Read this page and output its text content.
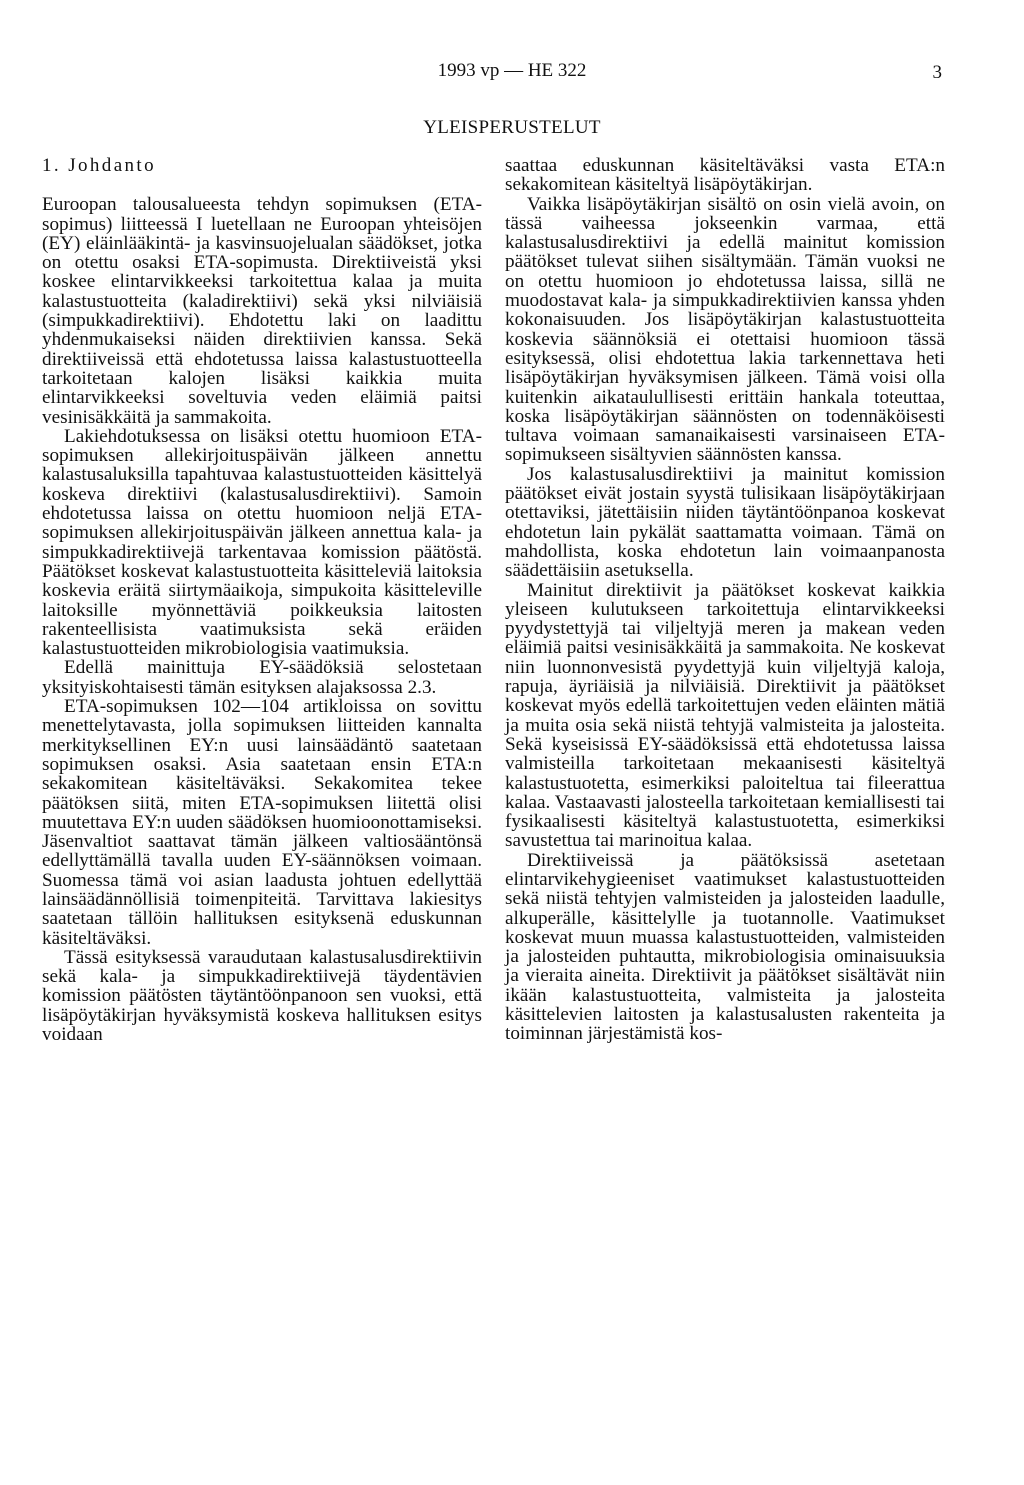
1993 vp — HE 322	3
YLEISPERUSTELUT
1. Johdanto

Euroopan talousalueesta tehdyn sopimuksen (ETA-sopimus) liitteessä I luetellaan ne Euroopan yhteisöjen (EY) eläinlääkintä- ja kasvinsuojelualan säädökset, jotka on otettu osaksi ETA-sopimusta. Direktiiveistä yksi koskee elintarvikkeeksi tarkoitettua kalaa ja muita kalastustuotteita (kaladirektiivi) sekä yksi nilviäisiä (simpukkadirektiivi). Ehdotettu laki on laadittu yhdenmukaiseksi näiden direktiivien kanssa. Sekä direktiiveissä että ehdotetussa laissa kalastustuotteella tarkoitetaan kalojen lisäksi kaikkia muita elintarvikkeeksi soveltuvia veden eläimiä paitsi vesinisäkkäitä ja sammakoita.

Lakiehdotuksessa on lisäksi otettu huomioon ETA-sopimuksen allekirjoituspäivän jälkeen annettu kalastusaluksilla tapahtuvaa kalastustuotteiden käsittelyä koskeva direktiivi (kalastusalusdirektiivi). Samoin ehdotetussa laissa on otettu huomioon neljä ETA-sopimuksen allekirjoituspäivän jälkeen annettua kala- ja simpukkadirektiivejä tarkentavaa komission päätöstä. Päätökset koskevat kalastustuotteita käsitteleviä laitoksia koskevia eräitä siirtymäaikoja, simpukoita käsitteleville laitoksille myönnettäviä poikkeuksia laitosten rakenteellisista vaatimuksista sekä eräiden kalastustuotteiden mikrobiologisia vaatimuksia.

Edellä mainittuja EY-säädöksiä selostetaan yksityiskohtaisesti tämän esityksen alajaksossa 2.3.

ETA-sopimuksen 102—104 artikloissa on sovittu menettelytavasta, jolla sopimuksen liitteiden kannalta merkityksellinen EY:n uusi lainsäädäntö saatetaan sopimuksen osaksi. Asia saatetaan ensin ETA:n sekakomitean käsiteltäväksi. Sekakomitea tekee päätöksen siitä, miten ETA-sopimuksen liitettä olisi muutettava EY:n uuden säädöksen huomioonottamiseksi. Jäsenvaltiot saattavat tämän jälkeen valtiosääntönsä edellyttämällä tavalla uuden EY-säännöksen voimaan. Suomessa tämä voi asian laadusta johtuen edellyttää lainsäädännöllisiä toimenpiteitä. Tarvittava lakiesitys saatetaan tällöin hallituksen esityksenä eduskunnan käsiteltäväksi.

Tässä esityksessä varaudutaan kalastusalusdirektiivin sekä kala- ja simpukkadirektiivejä täydentävien komission päätösten täytäntöönpanoon sen vuoksi, että lisäpöytäkirjan hyväksymistä koskeva hallituksen esitys voidaan

saattaa eduskunnan käsiteltäväksi vasta ETA:n sekakomitean käsiteltyä lisäpöytäkirjan.

Vaikka lisäpöytäkirjan sisältö on osin vielä avoin, on tässä vaiheessa jokseenkin varmaa, että kalastusalusdirektiivi ja edellä mainitut komission päätökset tulevat siihen sisältymään. Tämän vuoksi ne on otettu huomioon jo ehdotetussa laissa, sillä ne muodostavat kala- ja simpukkadirektiivien kanssa yhden kokonaisuuden. Jos lisäpöytäkirjan kalastustuotteita koskevia säännöksiä ei otettaisi huomioon tässä esityksessä, olisi ehdotettua lakia tarkennettava heti lisäpöytäkirjan hyväksymisen jälkeen. Tämä voisi olla kuitenkin aikataulullisesti erittäin hankala toteuttaa, koska lisäpöytäkirjan säännösten on todennäköisesti tultava voimaan samanaikaisesti varsinaiseen ETA-sopimukseen sisältyvien säännösten kanssa.

Jos kalastusalusdirektiivi ja mainitut komission päätökset eivät jostain syystä tulisikaan lisäpöytäkirjaan otettaviksi, jätettäisiin niiden täytäntöönpanoa koskevat ehdotetun lain pykälät saattamatta voimaan. Tämä on mahdollista, koska ehdotetun lain voimaanpanosta säädettäisiin asetuksella.

Mainitut direktiivit ja päätökset koskevat kaikkia yleiseen kulutukseen tarkoitettuja elintarvikkeeksi pyydystettyjä tai viljeltyjä meren ja makean veden eläimiä paitsi vesinisäkkäitä ja sammakoita. Ne koskevat niin luonnonvesistä pyydettyjä kuin viljeltyjä kaloja, rapuja, äyriäisiä ja nilviäisiä. Direktiivit ja päätökset koskevat myös edellä tarkoitettujen veden eläinten mätiä ja muita osia sekä niistä tehtyjä valmisteita ja jalosteita. Sekä kyseisissä EY-säädöksissä että ehdotetussa laissa valmisteilla tarkoitetaan mekaanisesti käsiteltyä kalastustuotetta, esimerkiksi paloiteltua tai fileerattua kalaa. Vastaavasti jalosteella tarkoitetaan kemiallisesti tai fysikaalisesti käsiteltyä kalastustuotetta, esimerkiksi savustettua tai marinoitua kalaa.

Direktiiveissä ja päätöksissä asetetaan elintarvikehygieeniset vaatimukset kalastustuotteiden sekä niistä tehtyjen valmisteiden ja jalosteiden laadulle, alkuperälle, käsittelylle ja tuotannolle. Vaatimukset koskevat muun muassa kalastustuotteiden, valmisteiden ja jalosteiden puhtautta, mikrobiologisia ominaisuuksia ja vieraita aineita. Direktiivit ja päätökset sisältävät niin ikään kalastustuotteita, valmisteita ja jalosteita käsittelevien laitosten ja kalastusalusten rakenteita ja toiminnan järjestämistä kos-
